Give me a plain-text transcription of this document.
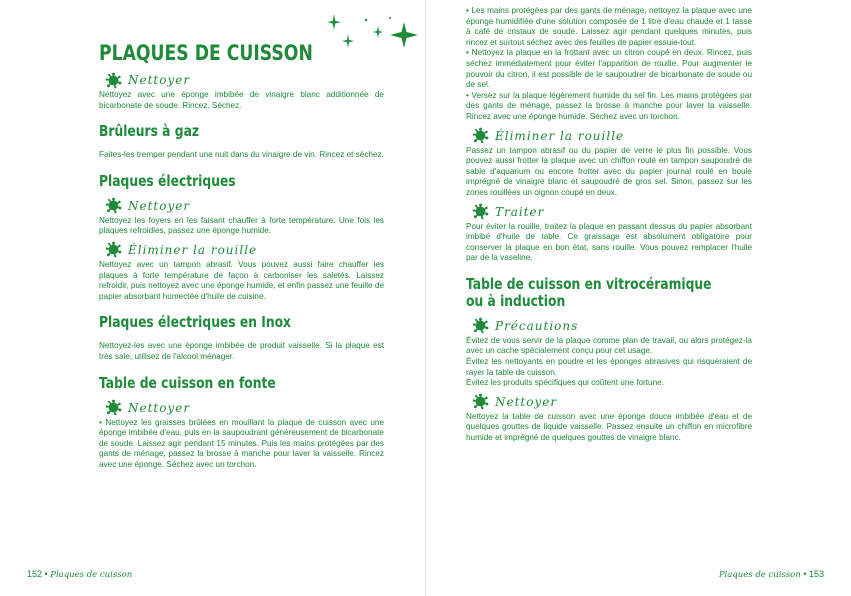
PLAQUES DE CUISSON
Nettoyer

Nettoyez avec une éponge imbibée de vinaigre blanc additionnée de bicarbonate de soude. Rincez. Séchez.

Brûleurs à gaz

Faites-les tremper pendant une nuit dans du vinaigre de vin. Rincez et séchez.

Plaques électriques
Nettoyer

Nettoyez les foyers en les faisant chauffer à forte température. Une fois les plaques refroidies, passez une éponge humide.

Éliminer la rouille

Nettoyez avec un tampon abrasif. Vous pouvez aussi faire chauffer les plaques à forte température de façon à carboniser les saletés. Laissez refroidir, puis nettoyez avec une éponge humide, et enfin passez une feuille de papier absorbant humectée d'huile de cuisine.

Plaques électriques en Inox

Nettoyez-les avec une éponge imbibée de produit vaisselle. Si la plaque est très sale, utilisez de l'alcool ménager.

Table de cuisson en fonte
Nettoyer

• Nettoyez les graisses brûlées en mouillant la plaque de cuisson avec une éponge imbibée d'eau, puis en la saupoudrant généreusement de bicarbonate de soude. Laissez agir pendant 15 minutes. Puis les mains protégées par des gants de ménage, passez la brosse à manche pour laver la vaisselle. Rincez avec une éponge. Séchez avec un torchon.

152 • Plaques de cuisson

• Les mains protégées par des gants de ménage, nettoyez la plaque avec une éponge humidifiée d'une solution composée de 1 litre d'eau chaude et 1 tasse à café de cristaux de soude. Laissez agir pendant quelques minutes, puis rincez et surtout séchez avec des feuilles de papier essuie-tout.

• Nettoyez la plaque en la frottant avec un citron coupé en deux. Rincez, puis séchez immédiatement pour éviter l'apparition de rouille. Pour augmenter le pouvoir du citron, il est possible de le saupoudrer de bicarbonate de soude ou de sel.

• Versez sur la plaque légèrement humide du sel fin. Les mains protégées par des gants de ménage, passez la brosse à manche pour laver la vaisselle. Rincez avec une éponge humide. Séchez avec un torchon.

Éliminer la rouille

Passez un tampon abrasif ou du papier de verre le plus fin possible. Vous pouvez aussi frotter la plaque avec un chiffon roulé en tampon saupoudré de sable d'aquarium ou encore frotter avec du papier journal roulé en boule imprégné de vinaigre blanc et saupoudré de gros sel. Sinon, passez sur les zones rouillées un oignon coupé en deux.

Traiter

Pour éviter la rouille, traitez la plaque en passant dessus du papier absorbant imbibé d'huile de table. Ce graissage est absolument obligatoire pour conserver la plaque en bon état, sans rouille. Vous pouvez remplacer l'huile par de la vaseline.

Table de cuisson en vitrocéramique
ou à induction
Précautions

Évitez de vous servir de la plaque comme plan de travail, ou alors protégez-la avec un cache spécialement conçu pour cet usage.

Évitez les nettoyants en poudre et les éponges abrasives qui risqueraient de rayer la table de cuisson.

Évitez les produits spécifiques qui coûtent une fortune.

Nettoyer

Nettoyez la table de cuisson avec une éponge douce imbibée d'eau et de quelques gouttes de liquide vaisselle. Passez ensuite un chiffon en microfibre humide et imprégné de quelques gouttes de vinaigre blanc.

Plaques de cuisson • 153
